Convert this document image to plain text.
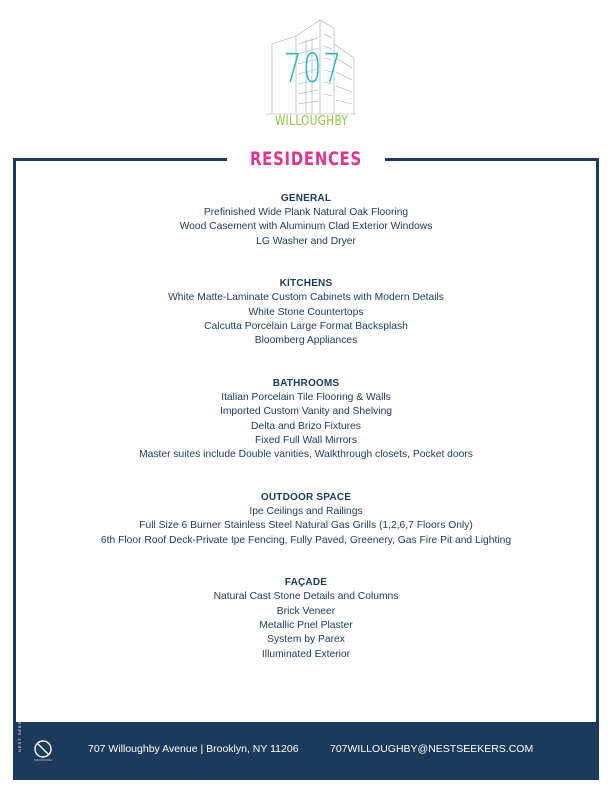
707
WILLOUGHBY
RESIDENCES
GENERAL
Prefinished Wide Plank Natural Oak Flooring
Wood Casement with Aluminum Clad Exterior Windows
LG Washer and Dryer
KITCHENS
White Matte-Laminate Custom Cabinets with Modern Details
White Stone Countertops
Calcutta Porcelain Large Format Backsplash
Bloomberg Appliances
BATHROOMS
Italian Porcelain Tile Flooring & Walls
Imported Custom Vanity and Shelving
Delta and Brizo Fixtures
Fixed Full Wall Mirrors
Master suites include Double vanities, Walkthrough closets, Pocket doors
OUTDOOR SPACE
Ipe Ceilings and Railings
Full Size 6 Burner Stainless Steel Natural Gas Grills (1,2,6,7 Floors Only)
6th Floor Roof Deck-Private Ipe Fencing, Fully Paved, Greenery, Gas Fire Pit and Lighting
FAÇADE
Natural Cast Stone Details and Columns
Brick Veneer
Metallic Pnel Plaster
System by Parex
Illuminated Exterior
NEST SEEKERS	707 Willoughby Avenue | Brooklyn, NY 11206	707WILLOUGHBY@NESTSEEKERS.COM
